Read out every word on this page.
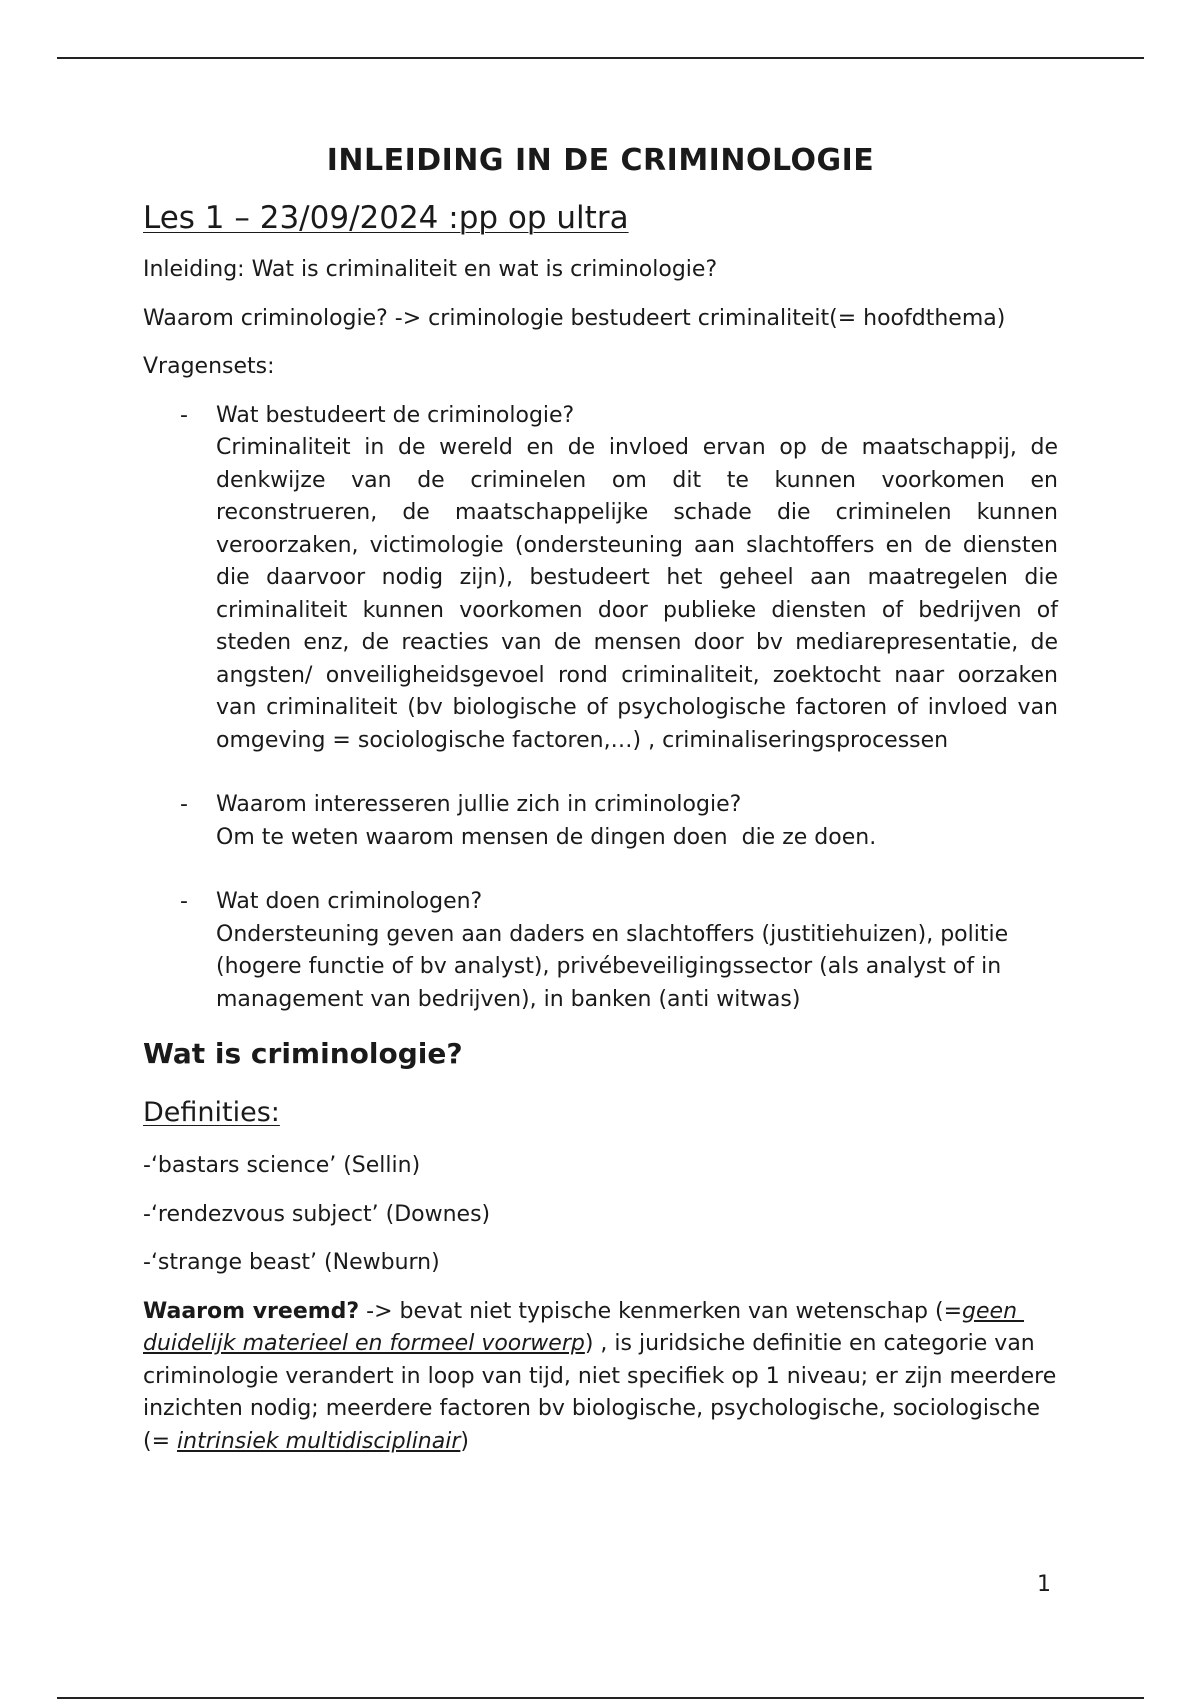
INLEIDING IN DE CRIMINOLOGIE
Les 1 – 23/09/2024 :pp op ultra

Inleiding: Wat is criminaliteit en wat is criminologie?

Waarom criminologie? -> criminologie bestudeert criminaliteit(= hoofdthema)

Vragensets:

- Wat bestudeert de criminologie?
Criminaliteit in de wereld en de invloed ervan op de maatschappij, de denkwijze van de criminelen om dit te kunnen voorkomen en reconstrueren, de maatschappelijke schade die criminelen kunnen veroorzaken, victimologie (ondersteuning aan slachtoffers en de diensten die daarvoor nodig zijn), bestudeert het geheel aan maatregelen die criminaliteit kunnen voorkomen door publieke diensten of bedrijven of steden enz, de reacties van de mensen door bv mediarepresentatie, de angsten/ onveiligheidsgevoel rond criminaliteit, zoektocht naar oorzaken van criminaliteit (bv biologische of psychologische factoren of invloed van omgeving = sociologische factoren,…) , criminaliseringsprocessen
- Waarom interesseren jullie zich in criminologie?
Om te weten waarom mensen de dingen doen  die ze doen.
- Wat doen criminologen?
Ondersteuning geven aan daders en slachtoffers (justitiehuizen), politie (hogere functie of bv analyst), privébeveiligingssector (als analyst of in management van bedrijven), in banken (anti witwas)
Wat is criminologie?
Definities:

-‘bastars science’ (Sellin)

-‘rendezvous subject’ (Downes)

-‘strange beast’ (Newburn)

Waarom vreemd? -> bevat niet typische kenmerken van wetenschap (=geen duidelijk materieel en formeel voorwerp) , is juridsiche definitie en categorie van criminologie verandert in loop van tijd, niet specifiek op 1 niveau; er zijn meerdere inzichten nodig; meerdere factoren bv biologische, psychologische, sociologische  (= intrinsiek multidisciplinair)

1
